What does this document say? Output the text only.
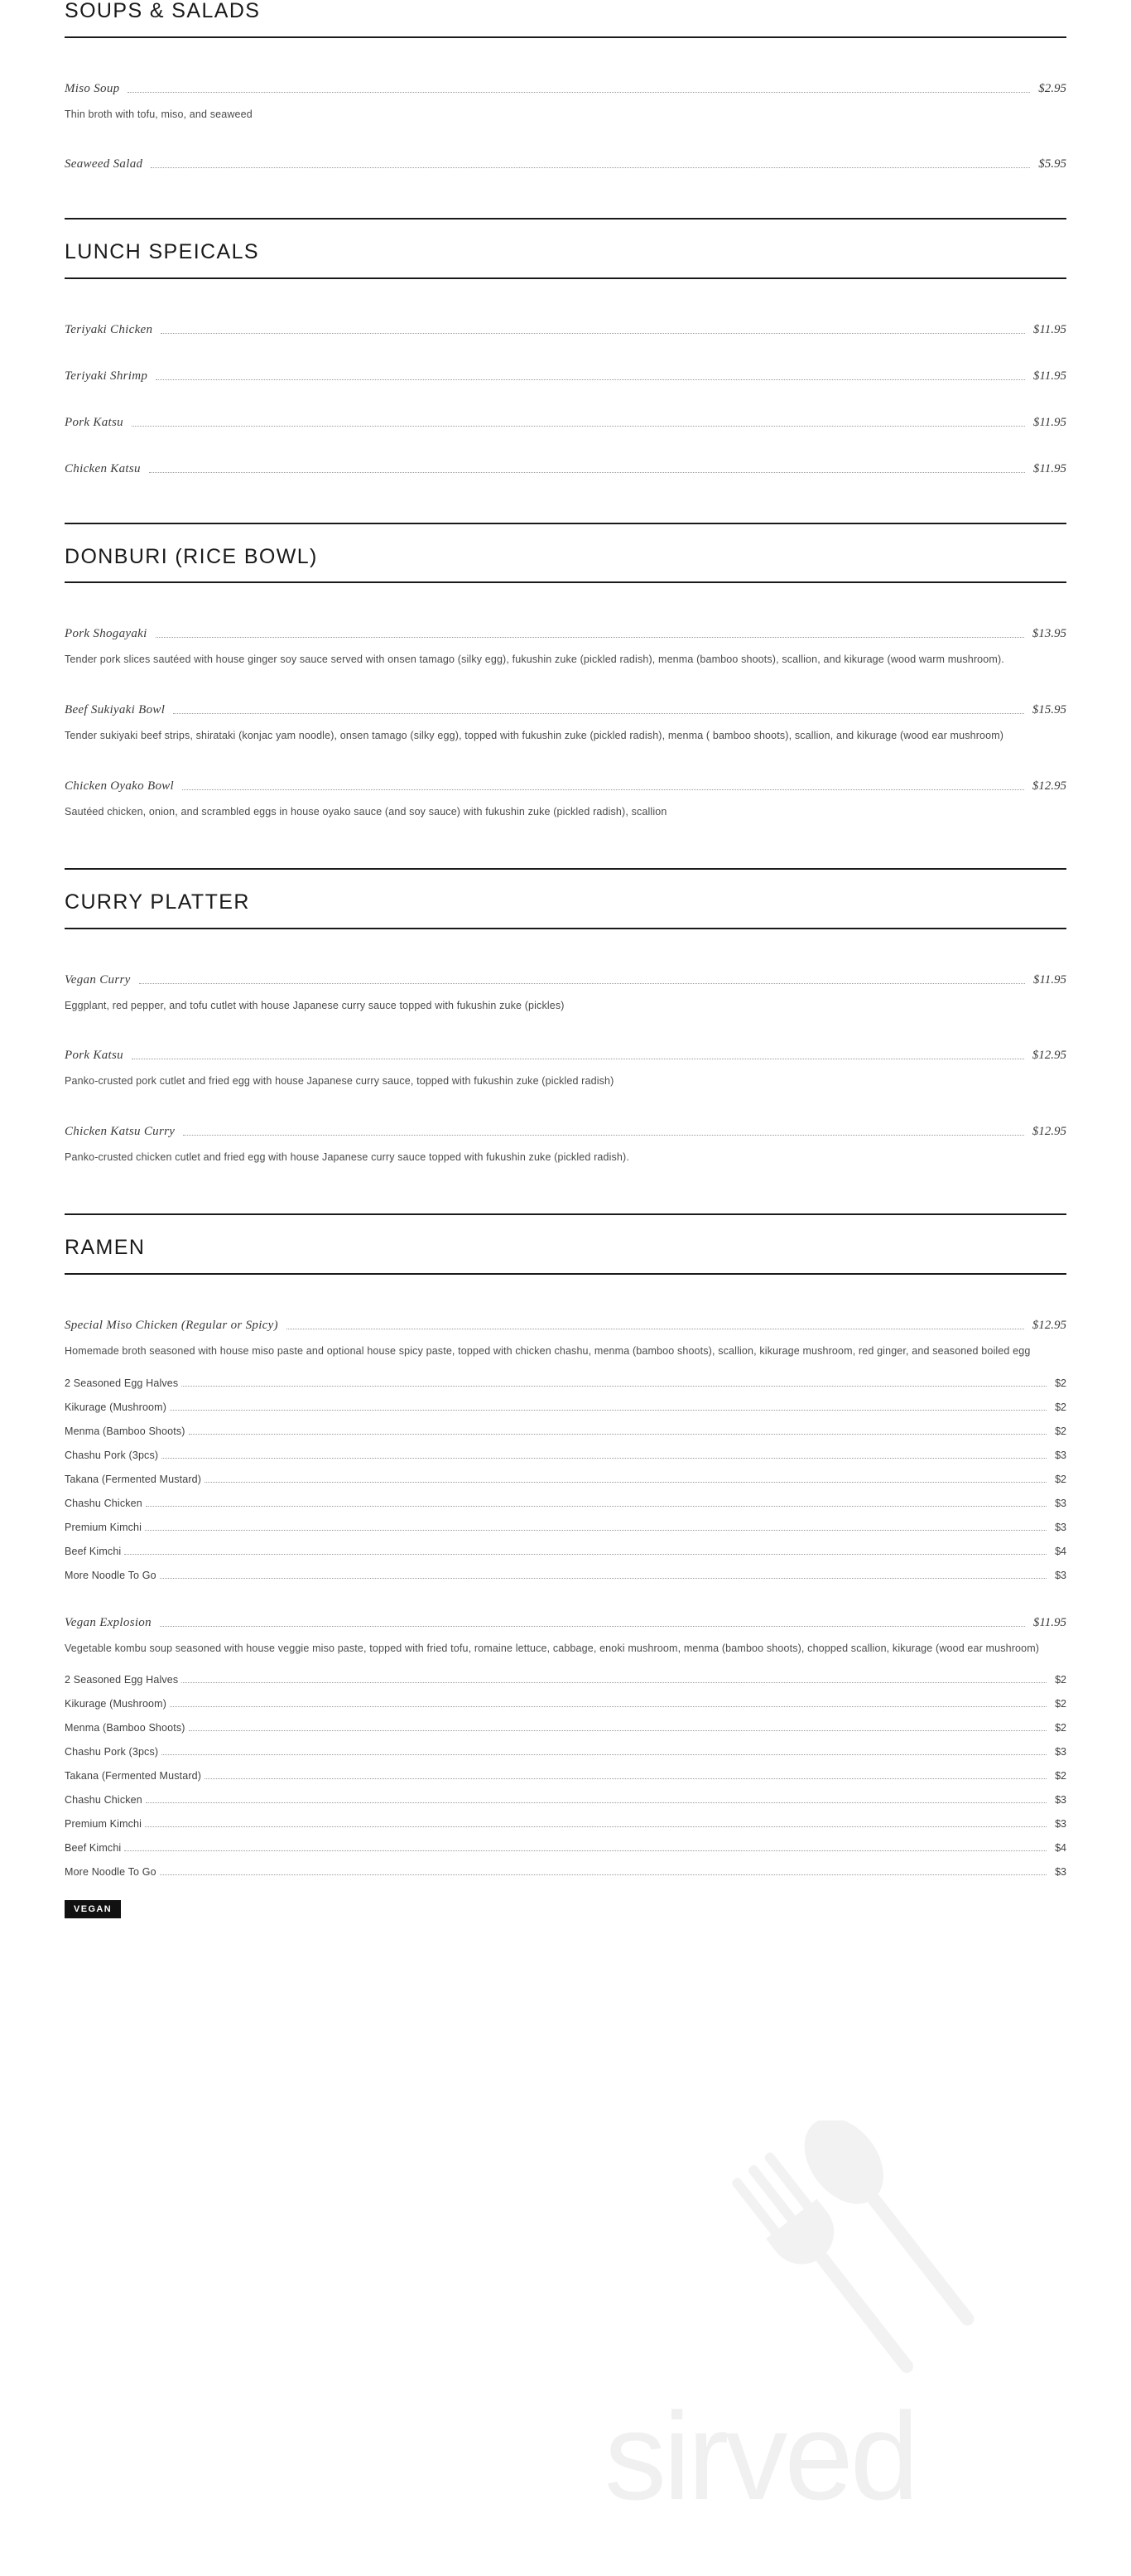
sirved
SOUPS & SALADS
Miso Soup	$2.95
Thin broth with tofu, miso, and seaweed
Seaweed Salad	$5.95
LUNCH SPEICALS
Teriyaki Chicken	$11.95
Teriyaki Shrimp	$11.95
Pork Katsu	$11.95
Chicken Katsu	$11.95
DONBURI (RICE BOWL)
Pork Shogayaki	$13.95
Tender pork slices sautéed with house ginger soy sauce served with onsen tamago (silky egg), fukushin zuke (pickled radish), menma (bamboo shoots), scallion, and kikurage (wood warm mushroom).
Beef Sukiyaki Bowl	$15.95
Tender sukiyaki beef strips, shirataki (konjac yam noodle), onsen tamago (silky egg), topped with fukushin zuke (pickled radish), menma ( bamboo shoots), scallion, and kikurage (wood ear mushroom)
Chicken Oyako Bowl	$12.95
Sautéed chicken, onion, and scrambled eggs in house oyako sauce (and soy sauce) with fukushin zuke (pickled radish), scallion
CURRY PLATTER
Vegan Curry	$11.95
Eggplant, red pepper, and tofu cutlet with house Japanese curry sauce topped with fukushin zuke (pickles)
Pork Katsu	$12.95
Panko-crusted pork cutlet and fried egg with house Japanese curry sauce, topped with fukushin zuke (pickled radish)
Chicken Katsu Curry	$12.95
Panko-crusted chicken cutlet and fried egg with house Japanese curry sauce topped with fukushin zuke (pickled radish).
RAMEN
Special Miso Chicken (Regular or Spicy)	$12.95
Homemade broth seasoned with house miso paste and optional house spicy paste, topped with chicken chashu, menma (bamboo shoots), scallion, kikurage mushroom, red ginger, and seasoned boiled egg
2 Seasoned Egg Halves	$2
Kikurage (Mushroom)	$2
Menma (Bamboo Shoots)	$2
Chashu Pork (3pcs)	$3
Takana (Fermented Mustard)	$2
Chashu Chicken	$3
Premium Kimchi	$3
Beef Kimchi	$4
More Noodle To Go	$3
Vegan Explosion	$11.95
Vegetable kombu soup seasoned with house veggie miso paste, topped with fried tofu, romaine lettuce, cabbage, enoki mushroom, menma (bamboo shoots), chopped scallion, kikurage (wood ear mushroom)
2 Seasoned Egg Halves	$2
Kikurage (Mushroom)	$2
Menma (Bamboo Shoots)	$2
Chashu Pork (3pcs)	$3
Takana (Fermented Mustard)	$2
Chashu Chicken	$3
Premium Kimchi	$3
Beef Kimchi	$4
More Noodle To Go	$3
VEGAN
